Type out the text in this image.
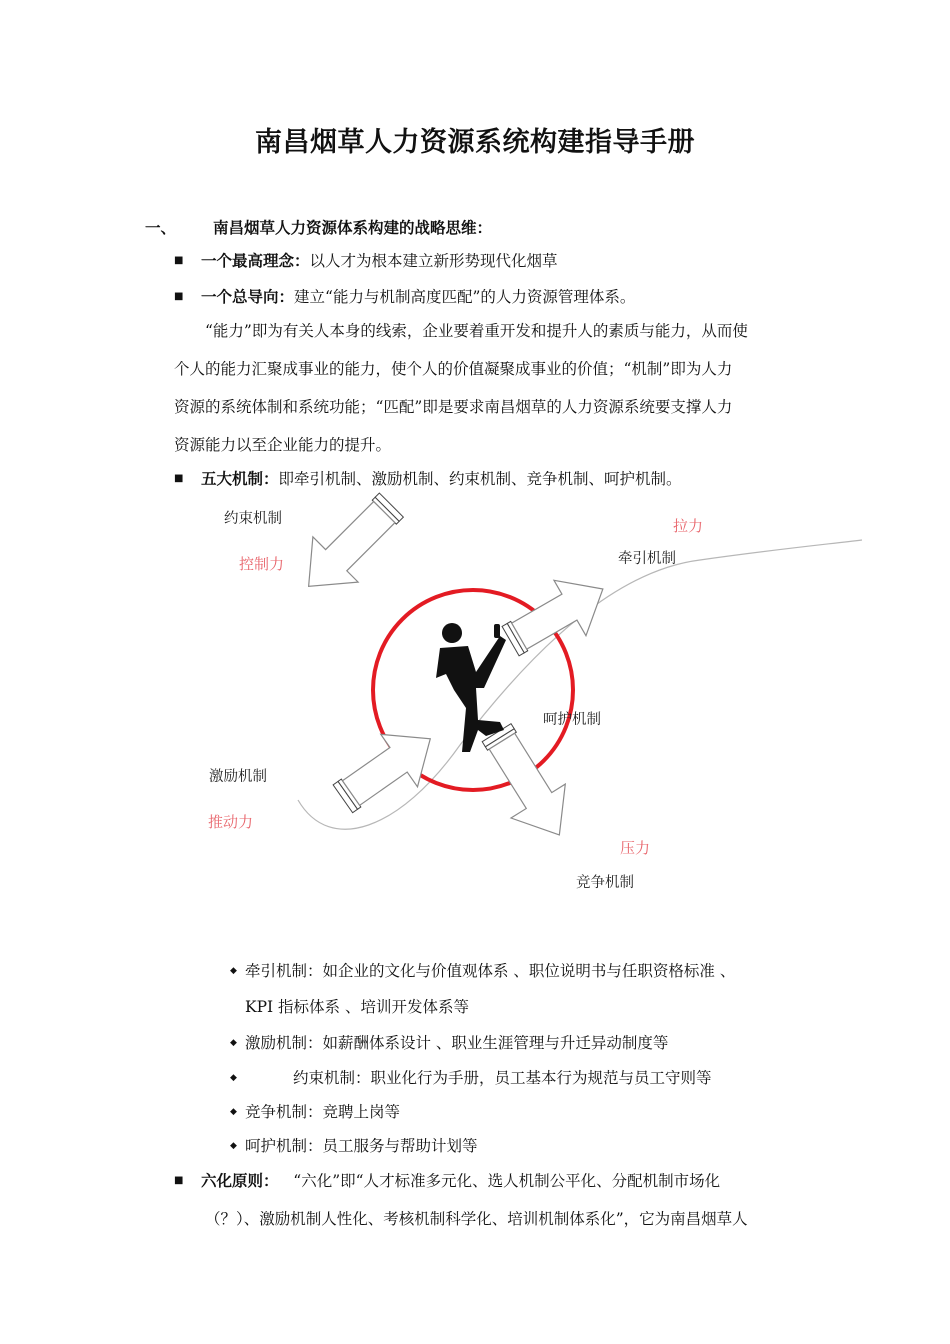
南昌烟草人力资源系统构建指导手册
一、 南昌烟草人力资源体系构建的战略思维：
■ 一个最高理念：以人才为根本建立新形势现代化烟草
■ 一个总导向：建立“能力与机制高度匹配”的人力资源管理体系。
“能力”即为有关人本身的线索，企业要着重开发和提升人的素质与能力，从而使
个人的能力汇聚成事业的能力，使个人的价值凝聚成事业的价值；“机制”即为人力
资源的系统体制和系统功能；“匹配”即是要求南昌烟草的人力资源系统要支撑人力
资源能力以至企业能力的提升。
■ 五大机制：即牵引机制、激励机制、约束机制、竞争机制、呵护机制。
约束机制
控制力
拉力
牵引机制
呵护机制
激励机制
推动力
压力
竞争机制
◆ 牵引机制：如企业的文化与价值观体系 、职位说明书与任职资格标准 、
KPI 指标体系 、培训开发体系等
◆ 激励机制：如薪酬体系设计 、职业生涯管理与升迁异动制度等
◆	约束机制：职业化行为手册，员工基本行为规范与员工守则等
◆ 竞争机制：竞聘上岗等
◆ 呵护机制：员工服务与帮助计划等
■ 六化原则： “六化”即“人才标准多元化、选人机制公平化、分配机制市场化
（？）、激励机制人性化、考核机制科学化、培训机制体系化”，它为南昌烟草人
